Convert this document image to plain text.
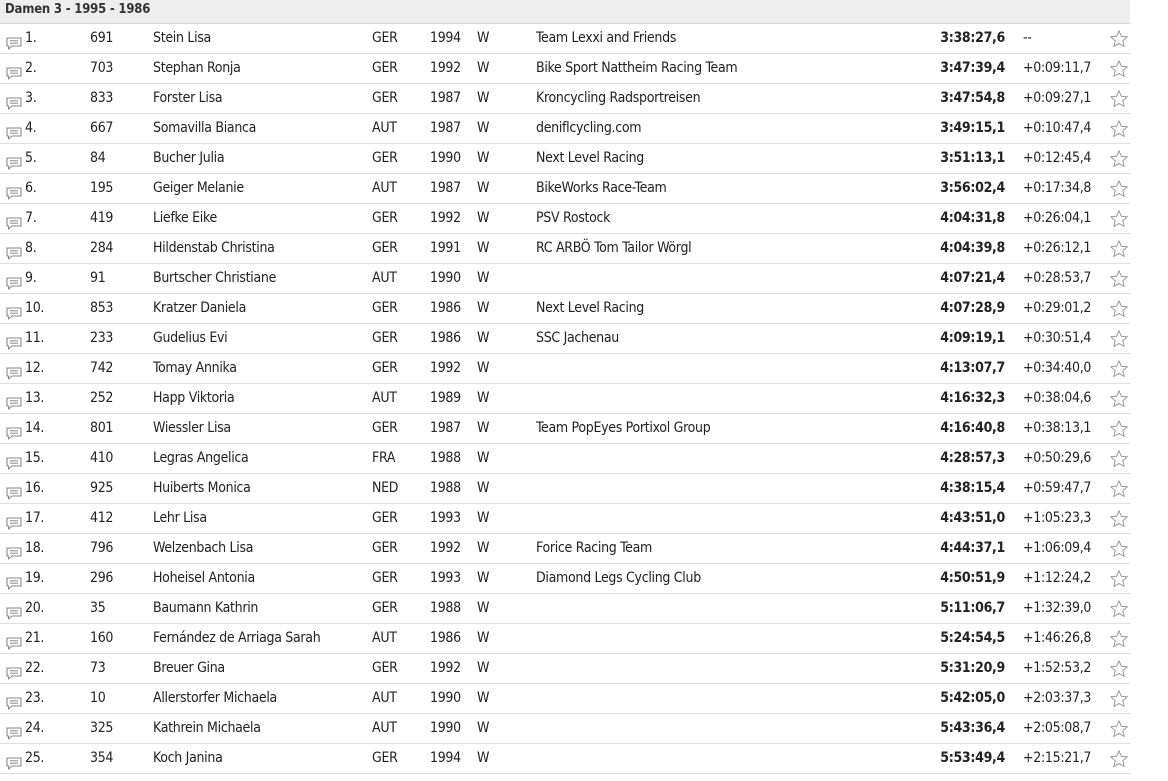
Damen 3 - 1995 - 1986
1.	691	Stein Lisa	GER 1994 W	Team Lexxi and Friends	3:38:27,6 --
2.	703	Stephan Ronja	GER 1992 W	Bike Sport Nattheim Racing Team	3:47:39,4 +0:09:11,7
3.	833	Forster Lisa	GER 1987 W	Kroncycling Radsportreisen	3:47:54,8 +0:09:27,1
4.	667	Somavilla Bianca	AUT 1987 W	deniflcycling.com	3:49:15,1 +0:10:47,4
5.	84	Bucher Julia	GER 1990 W	Next Level Racing	3:51:13,1 +0:12:45,4
6.	195	Geiger Melanie	AUT 1987 W	BikeWorks Race-Team	3:56:02,4 +0:17:34,8
7.	419	Liefke Eike	GER 1992 W	PSV Rostock	4:04:31,8 +0:26:04,1
8.	284	Hildenstab Christina	GER 1991 W	RC ARBÖ Tom Tailor Wörgl	4:04:39,8 +0:26:12,1
9.	91	Burtscher Christiane	AUT 1990 W	4:07:21,4 +0:28:53,7
10.	853	Kratzer Daniela	GER 1986 W	Next Level Racing	4:07:28,9 +0:29:01,2
11.	233	Gudelius Evi	GER 1986 W	SSC Jachenau	4:09:19,1 +0:30:51,4
12.	742	Tomay Annika	GER 1992 W	4:13:07,7 +0:34:40,0
13.	252	Happ Viktoria	AUT 1989 W	4:16:32,3 +0:38:04,6
14.	801	Wiessler Lisa	GER 1987 W	Team PopEyes Portixol Group	4:16:40,8 +0:38:13,1
15.	410	Legras Angelica	FRA 1988 W	4:28:57,3 +0:50:29,6
16.	925	Huiberts Monica	NED 1988 W	4:38:15,4 +0:59:47,7
17.	412	Lehr Lisa	GER 1993 W	4:43:51,0 +1:05:23,3
18.	796	Welzenbach Lisa	GER 1992 W	Forice Racing Team	4:44:37,1 +1:06:09,4
19.	296	Hoheisel Antonia	GER 1993 W	Diamond Legs Cycling Club	4:50:51,9 +1:12:24,2
20.	35	Baumann Kathrin	GER 1988 W	5:11:06,7 +1:32:39,0
21.	160	Fernández de Arriaga Sarah	AUT 1986 W	5:24:54,5 +1:46:26,8
22.	73	Breuer Gina	GER 1992 W	5:31:20,9 +1:52:53,2
23.	10	Allerstorfer Michaela	AUT 1990 W	5:42:05,0 +2:03:37,3
24.	325	Kathrein Michaela	AUT 1990 W	5:43:36,4 +2:05:08,7
25.	354	Koch Janina	GER 1994 W	5:53:49,4 +2:15:21,7
